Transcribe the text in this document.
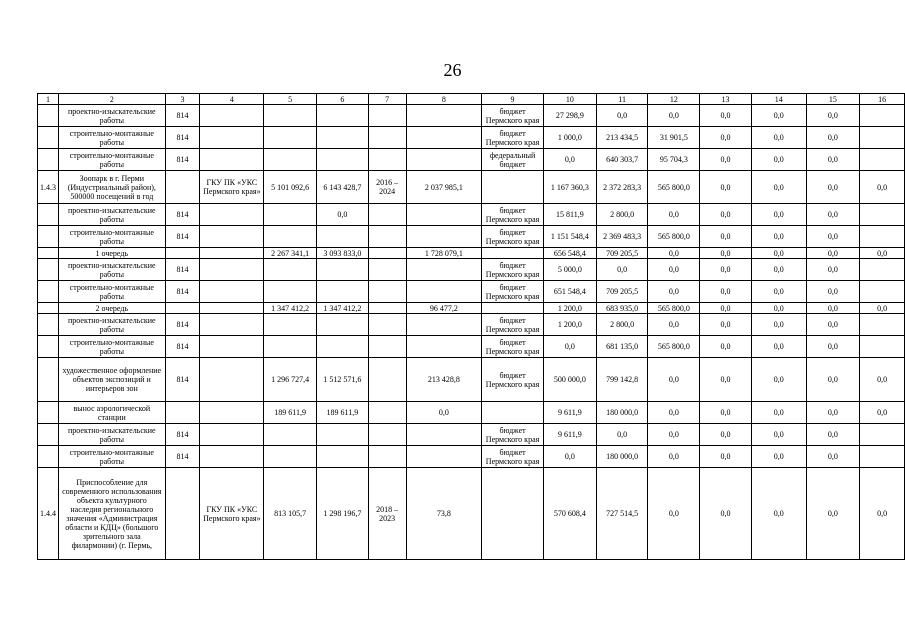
26
1	2	3	4	5	6	7	8	9	10	11	12	13	14	15	16
	проектно-изыскательские работы	814						бюджет Пермского края	27 298,9	0,0	0,0	0,0	0,0	0,0	
	строительно-монтажные работы	814						бюджет Пермского края	1 000,0	213 434,5	31 901,5	0,0	0,0	0,0	
	строительно-монтажные работы	814						федеральный бюджет	0,0	640 303,7	95 704,3	0,0	0,0	0,0	
1.4.3	Зоопарк в г. Перми (Индустриальный район), 500000 посещений в год		ГКУ ПК «УКС Пермского края»	5 101 092,6	6 143 428,7	2016 – 2024	2 037 985,1		1 167 360,3	2 372 283,3	565 800,0	0,0	0,0	0,0	0,0
	проектно-изыскательские работы	814			0,0			бюджет Пермского края	15 811,9	2 800,0	0,0	0,0	0,0	0,0	
	строительно-монтажные работы	814						бюджет Пермского края	1 151 548,4	2 369 483,3	565 800,0	0,0	0,0	0,0	
	1 очередь			2 267 341,1	3 093 833,0		1 728 079,1		656 548,4	709 205,5	0,0	0,0	0,0	0,0	0,0
	проектно-изыскательские работы	814						бюджет Пермского края	5 000,0	0,0	0,0	0,0	0,0	0,0	
	строительно-монтажные работы	814						бюджет Пермского края	651 548,4	709 205,5	0,0	0,0	0,0	0,0	
	2 очередь			1 347 412,2	1 347 412,2		96 477,2		1 200,0	683 935,0	565 800,0	0,0	0,0	0,0	0,0
	проектно-изыскательские работы	814						бюджет Пермского края	1 200,0	2 800,0	0,0	0,0	0,0	0,0	
	строительно-монтажные работы	814						бюджет Пермского края	0,0	681 135,0	565 800,0	0,0	0,0	0,0	
	художественное оформление объектов экспозиций и интерьеров зон	814		1 296 727,4	1 512 571,6		213 428,8	бюджет Пермского края	500 000,0	799 142,8	0,0	0,0	0,0	0,0	0,0
	вынос аэрологической станции			189 611,9	189 611,9		0,0		9 611,9	180 000,0	0,0	0,0	0,0	0,0	0,0
	проектно-изыскательские работы	814						бюджет Пермского края	9 611,9	0,0	0,0	0,0	0,0	0,0	
	строительно-монтажные работы	814						бюджет Пермского края	0,0	180 000,0	0,0	0,0	0,0	0,0	
1.4.4	Приспособление для современного использования объекта культурного наследия регионального значения «Администрация области и КДЦ» (большого зрительного зала филармонии) (г. Пермь,		ГКУ ПК «УКС Пермского края»	813 105,7	1 298 196,7	2018 – 2023	73,8		570 608,4	727 514,5	0,0	0,0	0,0	0,0	0,0
